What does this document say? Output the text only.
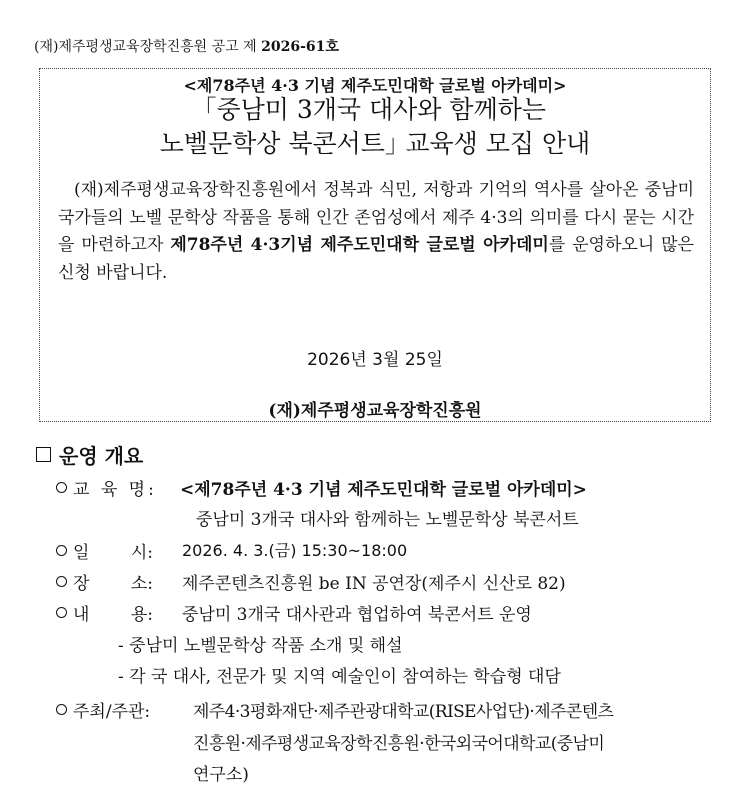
(재)제주평생교육장학진흥원 공고 제 2026-61호
<제78주년 4·3 기념 제주도민대학 글로벌 아카데미>
｢중남미 3개국 대사와 함께하는
노벨문학상 북콘서트｣ 교육생 모집 안내
(재)제주평생교육장학진흥원에서 정복과 식민, 저항과 기억의 역사를 살아온 중남미 국가들의 노벨 문학상 작품을 통해 인간 존엄성에서 제주 4·3의 의미를 다시 묻는 시간을 마련하고자 제78주년 4·3기념 제주도민대학 글로벌 아카데미를 운영하오니 많은 신청 바랍니다.
2026년 3월 25일
(재)제주평생교육장학진흥원
운영 개요
교 육 명: <제78주년 4·3 기념 제주도민대학 글로벌 아카데미>
중남미 3개국 대사와 함께하는 노벨문학상 북콘서트
일 시: 2026. 4. 3.(금) 15:30~18:00
장 소: 제주콘텐츠진흥원 be IN 공연장(제주시 신산로 82)
내 용: 중남미 3개국 대사관과 협업하여 북콘서트 운영
- 중남미 노벨문학상 작품 소개 및 해설
- 각 국 대사, 전문가 및 지역 예술인이 참여하는 학습형 대담
주최/주관:	제주4·3평화재단·제주관광대학교(RISE사업단)·제주콘텐츠
진흥원·제주평생교육장학진흥원·한국외국어대학교(중남미
연구소)
